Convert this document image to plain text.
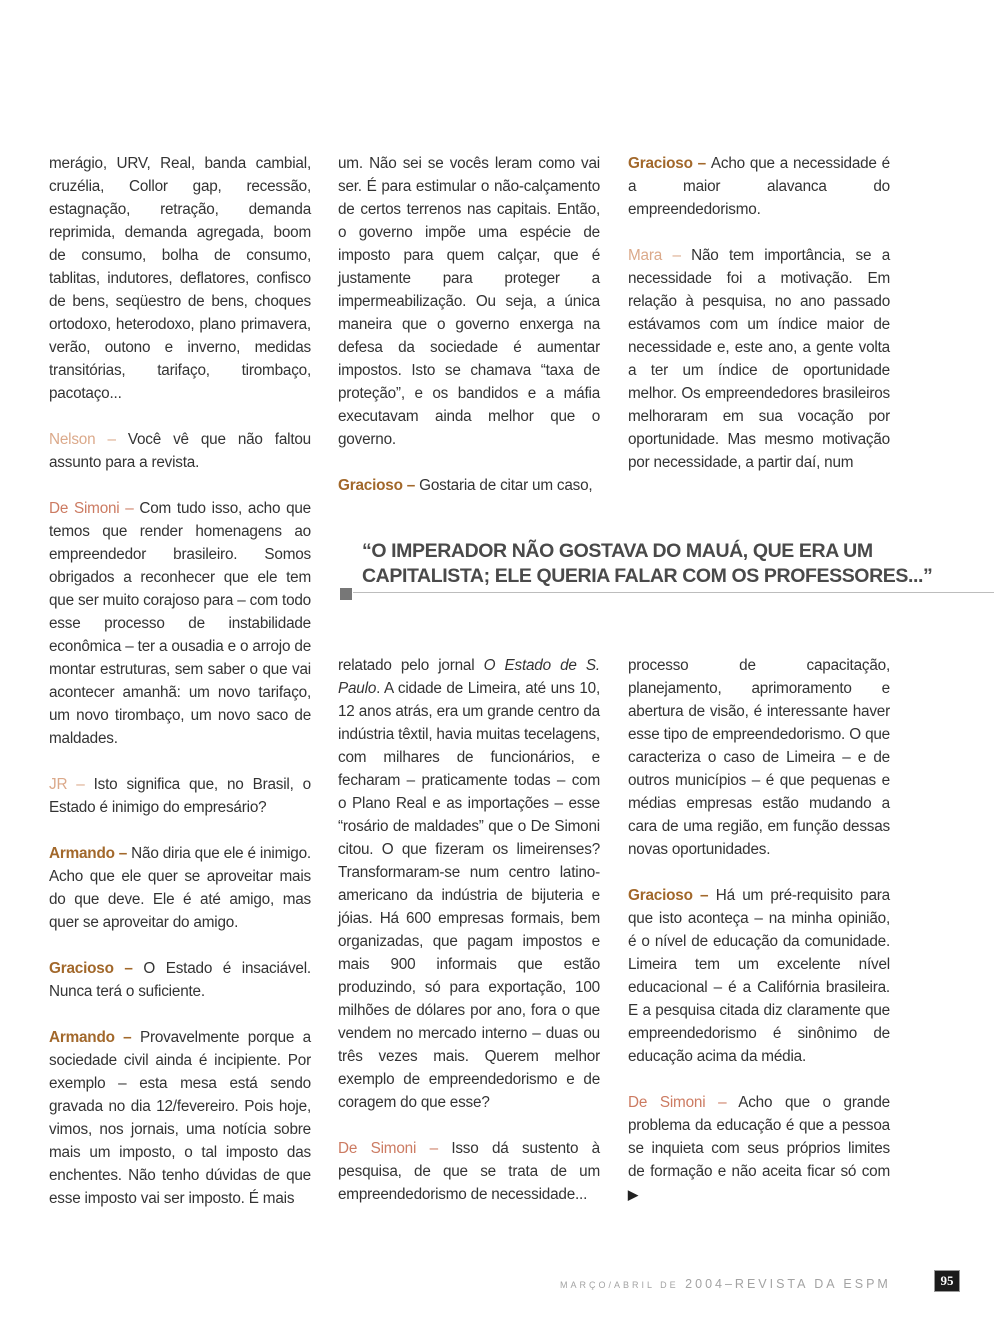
merágio, URV, Real, banda cambial, cruzélia, Collor gap, recessão, estagnação, retração, demanda reprimida, demanda agregada, boom de consumo, bolha de consumo, tablitas, indutores, deflatores, confisco de bens, seqüestro de bens, choques ortodoxo, heterodoxo, plano primavera, verão, outono e inverno, medidas transitórias, tarifaço, tirombaço, pacotaço...

Nelson – Você vê que não faltou assunto para a revista.

De Simoni – Com tudo isso, acho que temos que render homenagens ao empreendedor brasileiro. Somos obrigados a reconhecer que ele tem que ser muito corajoso para – com todo esse processo de instabilidade econômica – ter a ousadia e o arrojo de montar estruturas, sem saber o que vai acontecer amanhã: um novo tarifaço, um novo tirombaço, um novo saco de maldades.

JR – Isto significa que, no Brasil, o Estado é inimigo do empresário?

Armando – Não diria que ele é inimigo. Acho que ele quer se aproveitar mais do que deve. Ele é até amigo, mas quer se aproveitar do amigo.

Gracioso – O Estado é insaciável. Nunca terá o suficiente.

Armando – Provavelmente porque a sociedade civil ainda é incipiente. Por exemplo – esta mesa está sendo gravada no dia 12/fevereiro. Pois hoje, vimos, nos jornais, uma notícia sobre mais um imposto, o tal imposto das enchentes. Não tenho dúvidas de que esse imposto vai ser imposto. É mais

um. Não sei se vocês leram como vai ser. É para estimular o não-calçamento de certos terrenos nas capitais. Então, o governo impõe uma espécie de imposto para quem calçar, que é justamente para proteger a impermeabilização. Ou seja, a única maneira que o governo enxerga na defesa da sociedade é aumentar impostos. Isto se chamava “taxa de proteção”, e os bandidos e a máfia executavam ainda melhor que o governo.

Gracioso – Gostaria de citar um caso,

Gracioso – Acho que a necessidade é a maior alavanca do empreendedorismo.

Mara – Não tem importância, se a necessidade foi a motivação. Em relação à pesquisa, no ano passado estávamos com um índice maior de necessidade e, este ano, a gente volta a ter um índice de oportunidade melhor. Os empreendedores brasileiros melhoraram em sua vocação por oportunidade. Mas mesmo motivação por necessidade, a partir daí, num

“O IMPERADOR NÃO GOSTAVA DO MAUÁ, QUE ERA UM
CAPITALISTA; ELE QUERIA FALAR COM OS PROFESSORES...”

relatado pelo jornal O Estado de S. Paulo. A cidade de Limeira, até uns 10, 12 anos atrás, era um grande centro da indústria têxtil, havia muitas tecelagens, com milhares de funcionários, e fecharam – praticamente todas – com o Plano Real e as importações – esse “rosário de maldades” que o De Simoni citou. O que fizeram os limeirenses? Transformaram-se num centro latino-americano da indústria de bijuteria e jóias. Há 600 empresas formais, bem organizadas, que pagam impostos e mais 900 informais que estão produzindo, só para exportação, 100 milhões de dólares por ano, fora o que vendem no mercado interno – duas ou três vezes mais. Querem melhor exemplo de empreendedorismo e de coragem do que esse?

De Simoni – Isso dá sustento à pesquisa, de que se trata de um empreendedorismo de necessidade...

processo de capacitação, planejamento, aprimoramento e abertura de visão, é interessante haver esse tipo de empreendedorismo. O que caracteriza o caso de Limeira – e de outros municípios – é que pequenas e médias empresas estão mudando a cara de uma região, em função dessas novas oportunidades.

Gracioso – Há um pré-requisito para que isto aconteça – na minha opinião, é o nível de educação da comunidade. Limeira tem um excelente nível educacional – é a Califórnia brasileira. E a pesquisa citada diz claramente que empreendedorismo é sinônimo de educação acima da média.

De Simoni – Acho que o grande problema da educação é que a pessoa se inquieta com seus próprios limites de formação e não aceita ficar só com ▶

MARÇO/ABRIL DE 2004–REVISTA DA ESPM	95
